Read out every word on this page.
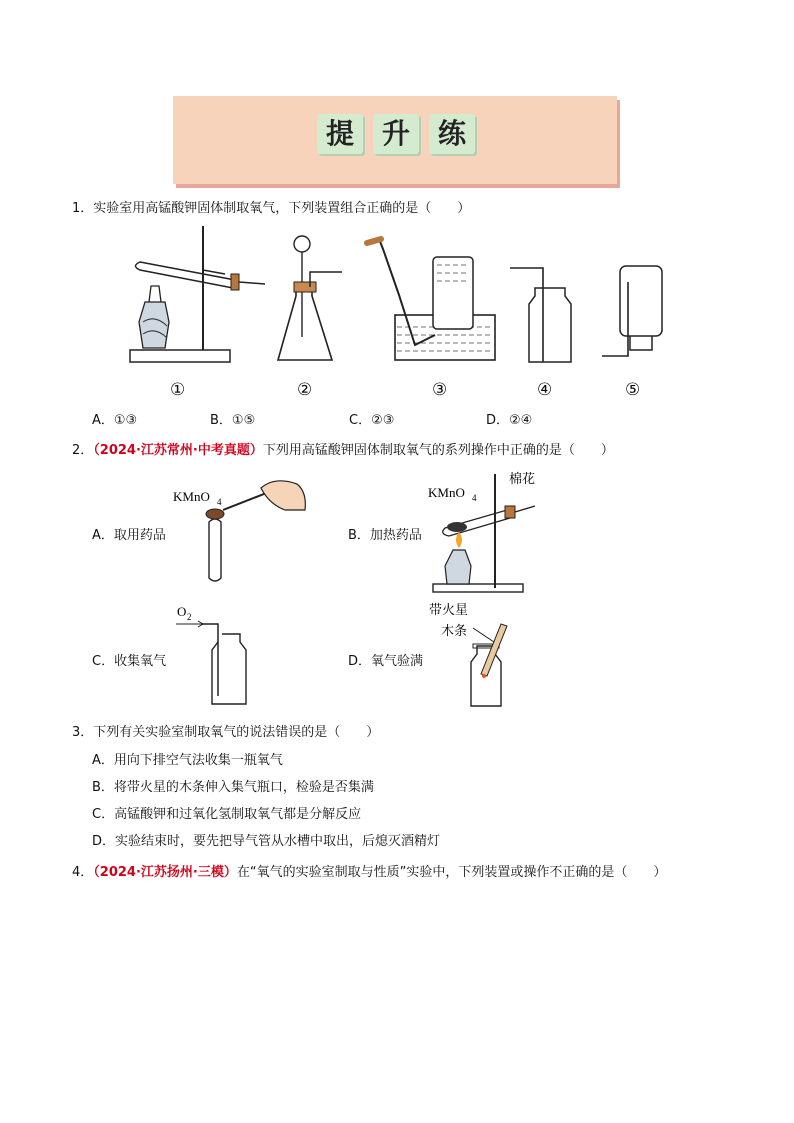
提 升 练
1．实验室用高锰酸钾固体制取氧气，下列装置组合正确的是（　　）
①	②	③	④	⑤
A．①③	B．①⑤	C．②③	D．②④
2．（2024·江苏常州·中考真题）下列用高锰酸钾固体制取氧气的系列操作中正确的是（　　）
KMnO 4
A．取用药品
KMnO 4
棉花
B．加热药品
O 2
C．收集氧气
带火星
木条
D．氧气验满
3．下列有关实验室制取氧气的说法错误的是（　　）
A．用向下排空气法收集一瓶氧气
B．将带火星的木条伸入集气瓶口，检验是否集满
C．高锰酸钾和过氧化氢制取氧气都是分解反应
D．实验结束时，要先把导气管从水槽中取出，后熄灭酒精灯
4．（2024·江苏扬州·三模）在“氧气的实验室制取与性质”实验中，下列装置或操作不正确的是（　　）
